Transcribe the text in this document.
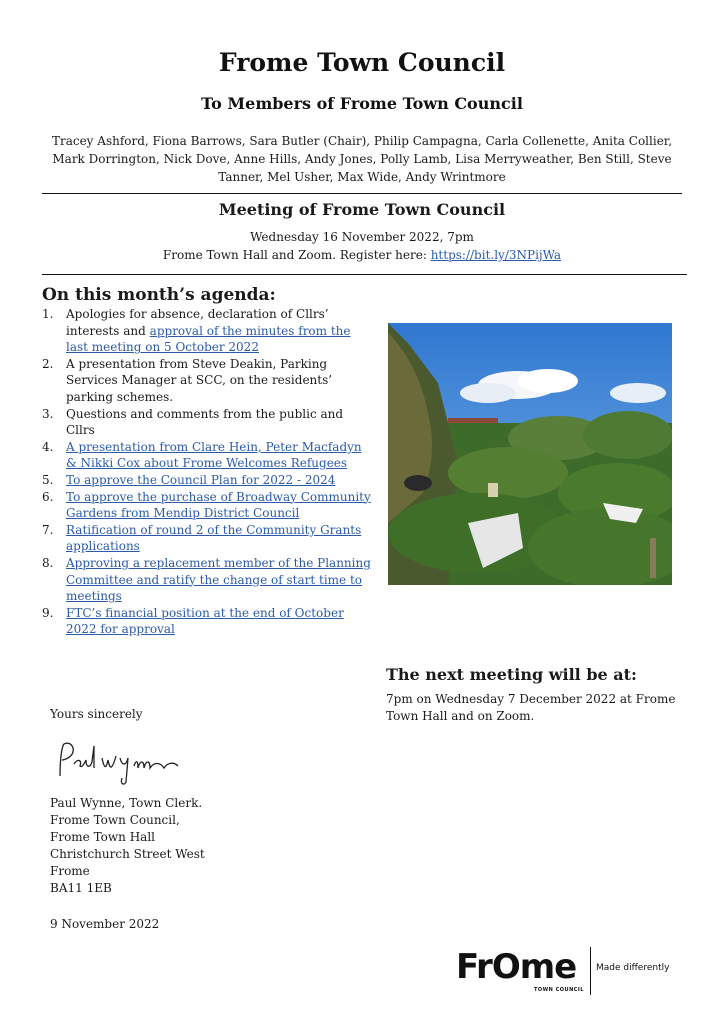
Frome Town Council
To Members of Frome Town Council
Tracey Ashford, Fiona Barrows, Sara Butler (Chair), Philip Campagna, Carla Collenette, Anita Collier, Mark Dorrington, Nick Dove, Anne Hills, Andy Jones, Polly Lamb, Lisa Merryweather, Ben Still, Steve Tanner, Mel Usher, Max Wide, Andy Wrintmore
Meeting of Frome Town Council
Wednesday 16 November 2022, 7pm
Frome Town Hall and Zoom. Register here: https://bit.ly/3NPijWa
On this month’s agenda:
1. Apologies for absence, declaration of Cllrs’ interests and approval of the minutes from the last meeting on 5 October 2022
2. A presentation from Steve Deakin, Parking Services Manager at SCC, on the residents’ parking schemes.
3. Questions and comments from the public and Cllrs
4. A presentation from Clare Hein, Peter Macfadyn & Nikki Cox about Frome Welcomes Refugees
5. To approve the Council Plan for 2022 - 2024
6. To approve the purchase of Broadway Community Gardens from Mendip District Council
7. Ratification of round 2 of the Community Grants applications
8. Approving a replacement member of the Planning Committee and ratify the change of start time to meetings
9. FTC’s financial position at the end of October 2022 for approval
The next meeting will be at:
7pm on Wednesday 7 December 2022 at Frome Town Hall and on Zoom.
Yours sincerely
Paul Wynne, Town Clerk.
Frome Town Council,
Frome Town Hall
Christchurch Street West
Frome
BA11 1EB
9 November 2022
FrOme
TOWN COUNCIL
Made differently
